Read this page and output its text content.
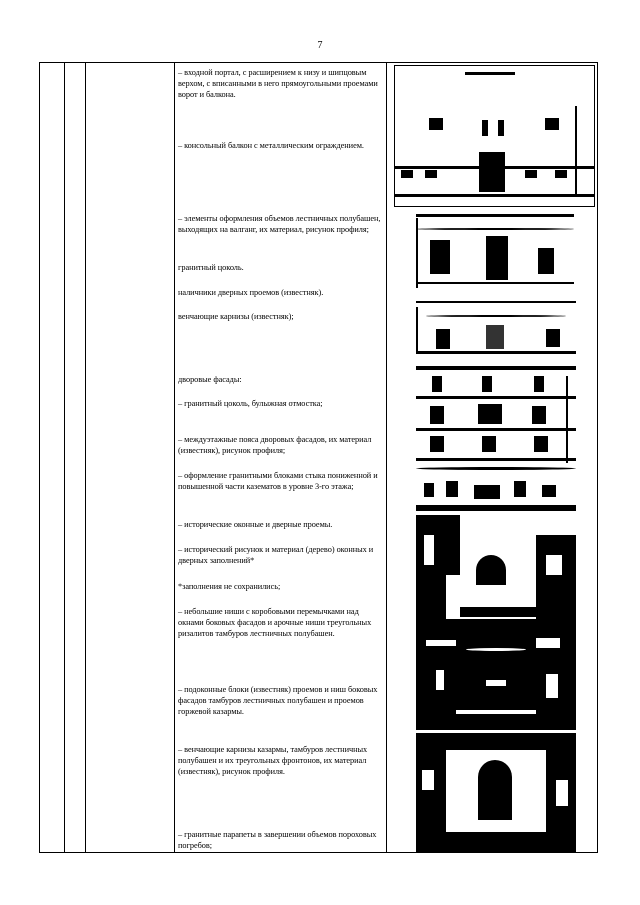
7
– входной портал, с расширением к низу и шипцовым верхом, с вписанными в него прямоугольными проемами ворот и балкона.
– консольный балкон с металлическим ограждением.
– элементы оформления объемов лестничных полубашен, выходящих на валганг, их материал, рисунок профиля;
гранитный цоколь.
наличники дверных проемов (известняк).
венчающие карнизы (известняк);
дворовые фасады:
– гранитный цоколь, булыжная отмостка;
– междуэтажные пояса дворовых фасадов, их материал (известняк), рисунок профиля;
– оформление гранитными блоками стыка пониженной и повышенной части казематов в уровне 3-го этажа;
– исторические оконные и дверные проемы.
– исторический рисунок и материал (дерево) оконных и дверных заполнений*
*заполнения не сохранились;
– небольшие ниши с коробовыми перемычками над окнами боковых фасадов и арочные ниши треугольных ризалитов тамбуров лестничных полубашен.
– подоконные блоки (известняк) проемов и ниш боковых фасадов тамбуров лестничных полубашен и проемов горжевой казармы.
– венчающие карнизы казармы, тамбуров лестничных полубашен и их треугольных фронтонов, их материал (известняк), рисунок профиля.
– гранитные парапеты в завершении объемов пороховых погребов;
